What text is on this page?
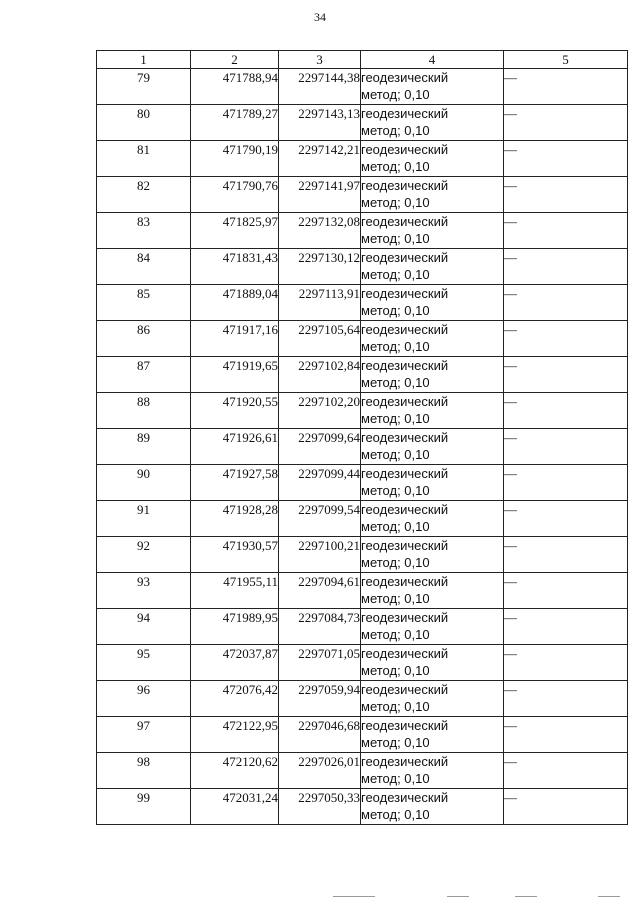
34
1	2	3	4	5
79	471788,94	2297144,38	геодезический
метод; 0,10	—
80	471789,27	2297143,13	геодезический
метод; 0,10	—
81	471790,19	2297142,21	геодезический
метод; 0,10	—
82	471790,76	2297141,97	геодезический
метод; 0,10	—
83	471825,97	2297132,08	геодезический
метод; 0,10	—
84	471831,43	2297130,12	геодезический
метод; 0,10	—
85	471889,04	2297113,91	геодезический
метод; 0,10	—
86	471917,16	2297105,64	геодезический
метод; 0,10	—
87	471919,65	2297102,84	геодезический
метод; 0,10	—
88	471920,55	2297102,20	геодезический
метод; 0,10	—
89	471926,61	2297099,64	геодезический
метод; 0,10	—
90	471927,58	2297099,44	геодезический
метод; 0,10	—
91	471928,28	2297099,54	геодезический
метод; 0,10	—
92	471930,57	2297100,21	геодезический
метод; 0,10	—
93	471955,11	2297094,61	геодезический
метод; 0,10	—
94	471989,95	2297084,73	геодезический
метод; 0,10	—
95	472037,87	2297071,05	геодезический
метод; 0,10	—
96	472076,42	2297059,94	геодезический
метод; 0,10	—
97	472122,95	2297046,68	геодезический
метод; 0,10	—
98	472120,62	2297026,01	геодезический
метод; 0,10	—
99	472031,24	2297050,33	геодезический
метод; 0,10	—
